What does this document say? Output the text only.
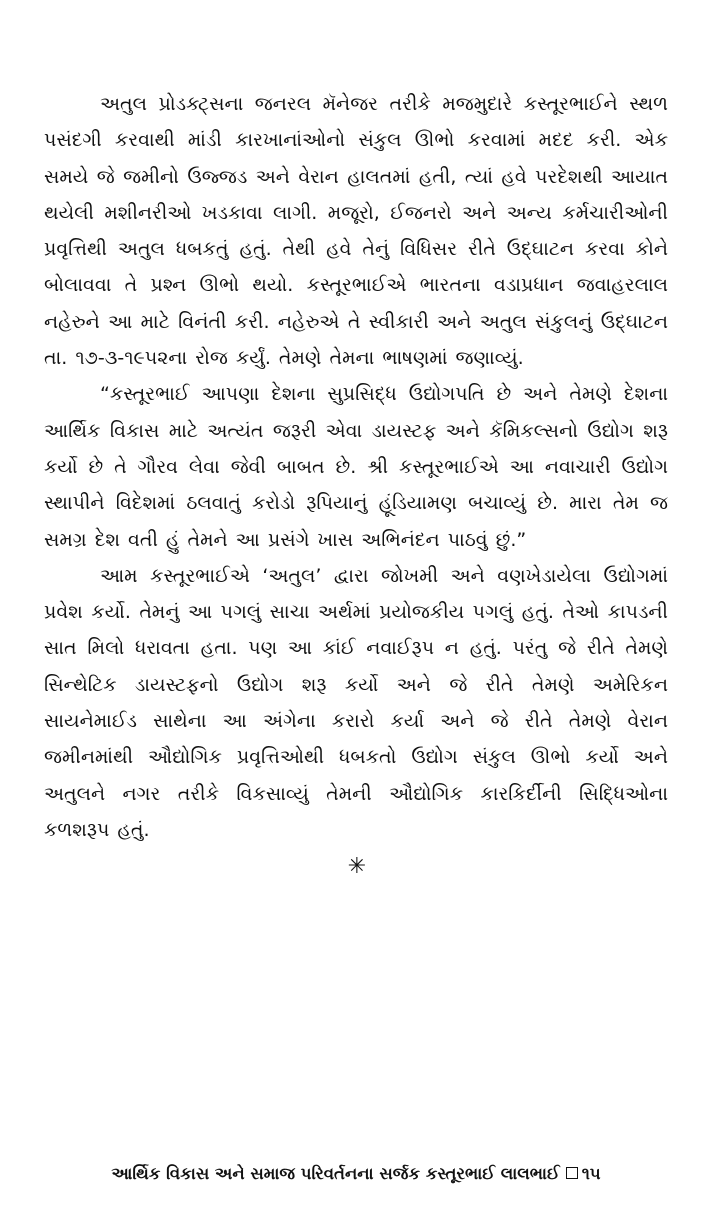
અતુલ પ્રોડક્ટ્સના જનરલ મૅનેજર તરીકે મજમુદારે કસ્તૂરભાઈને સ્થળ પસંદગી કરવાથી માંડી કારખાનાંઓનો સંકુલ ઊભો કરવામાં મદદ કરી. એક સમયે જે જમીનો ઉજ્જડ અને વેરાન હાલતમાં હતી, ત્યાં હવે પરદેશથી આયાત થયેલી મશીનરીઓ ખડકાવા લાગી. મજૂરો, ઈજનરો અને અન્ય કર્મચારીઓની પ્રવૃત્તિથી અતુલ ધબકતું હતું. તેથી હવે તેનું વિધિસર રીતે ઉદ્‌ઘાટન કરવા કોને બોલાવવા તે પ્રશ્ન ઊભો થયો. કસ્તૂરભાઈએ ભારતના વડાપ્રધાન જવાહરલાલ નહેરુને આ માટે વિનંતી કરી. નહેરુએ તે સ્વીકારી અને અતુલ સંકુલનું ઉદ્‌ઘાટન તા. ૧૭-૩-૧૯૫૨ના રોજ કર્યું. તેમણે તેમના ભાષણમાં જણાવ્યું.

“કસ્તૂરભાઈ આપણા દેશના સુપ્રસિદ્ધ ઉદ્યોગપતિ છે અને તેમણે દેશના આર્થિક વિકાસ માટે અત્યંત જરૂરી એવા ડાયસ્ટફ અને કૅમિકલ્સનો ઉદ્યોગ શરૂ કર્યો છે તે ગૌરવ લેવા જેવી બાબત છે. શ્રી કસ્તૂરભાઈએ આ નવાચારી ઉદ્યોગ સ્થાપીને વિદેશમાં ઠલવાતું કરોડો રૂપિયાનું હૂંડિયામણ બચાવ્યું છે. મારા તેમ જ સમગ્ર દેશ વતી હું તેમને આ પ્રસંગે ખાસ અભિનંદન પાઠવું છું.”

આમ કસ્તૂરભાઈએ ‘અતુલ’ દ્વારા જોખમી અને વણખેડાયેલા ઉદ્યોગમાં પ્રવેશ કર્યો. તેમનું આ પગલું સાચા અર્થમાં પ્રયોજકીય પગલું હતું. તેઓ કાપડની સાત મિલો ધરાવતા હતા. પણ આ કાંઈ નવાઈરૂપ ન હતું. પરંતુ જે રીતે તેમણે સિન્થેટિક ડાયસ્ટફનો ઉદ્યોગ શરૂ કર્યો અને જે રીતે તેમણે અમેરિકન સાયનેમાઈડ સાથેના આ અંગેના કરારો કર્યા અને જે રીતે તેમણે વેરાન જમીનમાંથી ઔદ્યોગિક પ્રવૃત્તિઓથી ધબકતો ઉદ્યોગ સંકુલ ઊભો કર્યો અને અતુલને નગર તરીકે વિકસાવ્યું તેમની ઔદ્યોગિક કારકિર્દીની સિદ્ધિઓના કળશરૂપ હતું.

✳
આર્થિક વિકાસ અને સમાજ પરિવર્તનના સર્જક કસ્તૂરભાઈ લાલભાઈ ૧૫
